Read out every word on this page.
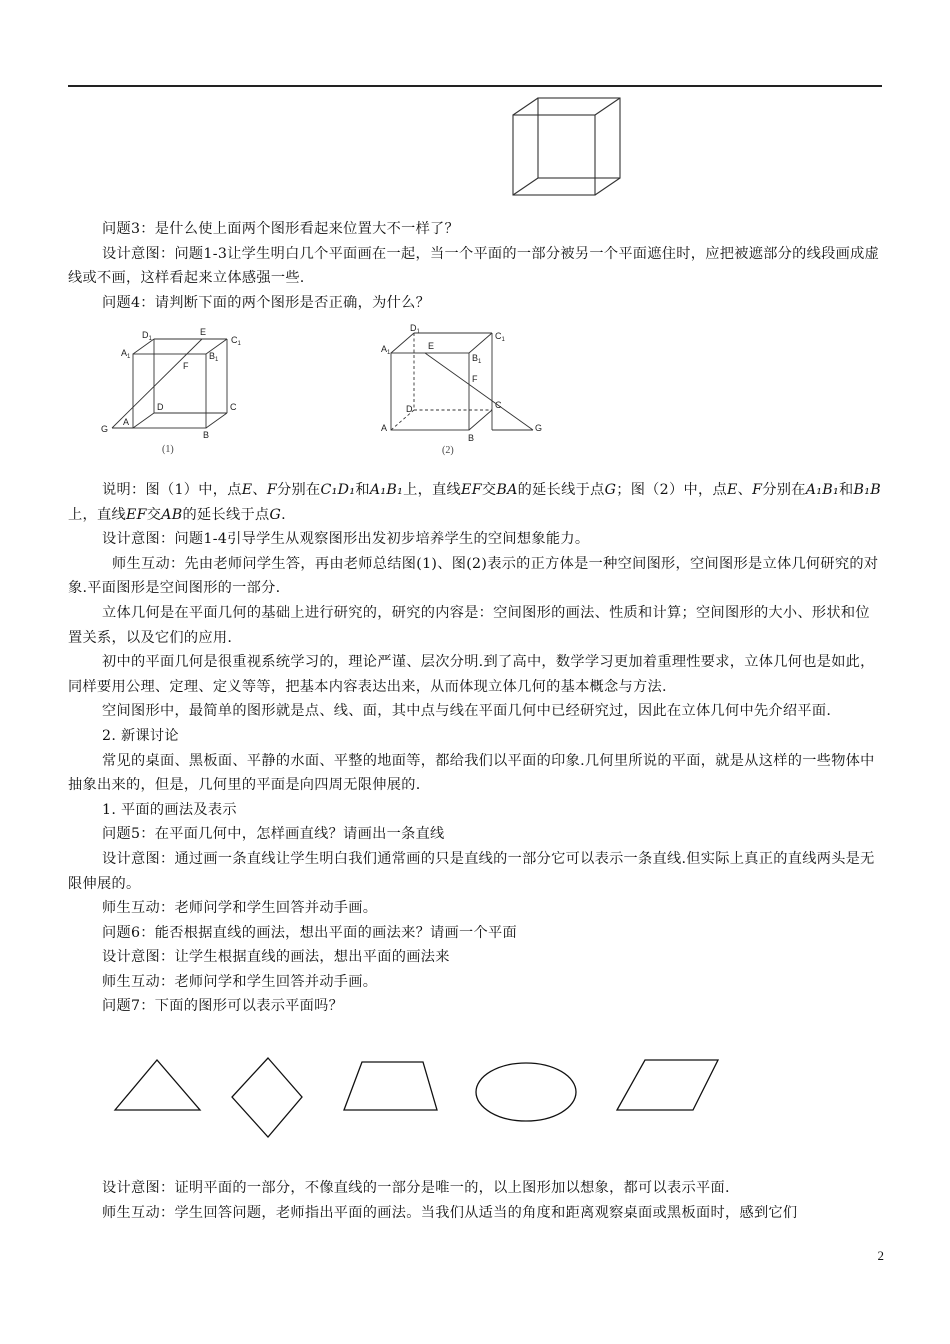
$D_1$
E
$C_1$
$A_1$	$B_1$
F
D	C
G
A
B
(1)
$D_1$	$C_1$
$A_1$
E
$B_1$
F
D	C
A
B
G
(2)

问题3：是什么使上面两个图形看起来位置大不一样了？

设计意图：问题1-3让学生明白几个平面画在一起，当一个平面的一部分被另一个平面遮住时，应把被遮部分的线段画成虚线或不画，这样看起来立体感强一些.

问题4：请判断下面的两个图形是否正确，为什么？

说明：图（1）中，点E、F分别在C₁D₁和A₁B₁上，直线EF交BA的延长线于点G；图（2）中，点E、F分别在A₁B₁和B₁B上，直线EF交AB的延长线于点G.

设计意图：问题1-4引导学生从观察图形出发初步培养学生的空间想象能力。

师生互动：先由老师问学生答，再由老师总结图(1)、图(2)表示的正方体是一种空间图形，空间图形是立体几何研究的对象.平面图形是空间图形的一部分.

立体几何是在平面几何的基础上进行研究的，研究的内容是：空间图形的画法、性质和计算；空间图形的大小、形状和位置关系，以及它们的应用.

初中的平面几何是很重视系统学习的，理论严谨、层次分明.到了高中，数学学习更加着重理性要求，立体几何也是如此，同样要用公理、定理、定义等等，把基本内容表达出来，从而体现立体几何的基本概念与方法.

空间图形中，最简单的图形就是点、线、面，其中点与线在平面几何中已经研究过，因此在立体几何中先介绍平面.

2. 新课讨论

常见的桌面、黑板面、平静的水面、平整的地面等，都给我们以平面的印象.几何里所说的平面，就是从这样的一些物体中抽象出来的，但是，几何里的平面是向四周无限伸展的.

1. 平面的画法及表示

问题5：在平面几何中，怎样画直线？请画出一条直线

设计意图：通过画一条直线让学生明白我们通常画的只是直线的一部分它可以表示一条直线.但实际上真正的直线两头是无限伸展的。

师生互动：老师问学和学生回答并动手画。

问题6：能否根据直线的画法，想出平面的画法来？请画一个平面

设计意图：让学生根据直线的画法，想出平面的画法来

师生互动：老师问学和学生回答并动手画。

问题7：下面的图形可以表示平面吗？

设计意图：证明平面的一部分，不像直线的一部分是唯一的，以上图形加以想象，都可以表示平面.

师生互动：学生回答问题，老师指出平面的画法。当我们从适当的角度和距离观察桌面或黑板面时，感到它们

2
